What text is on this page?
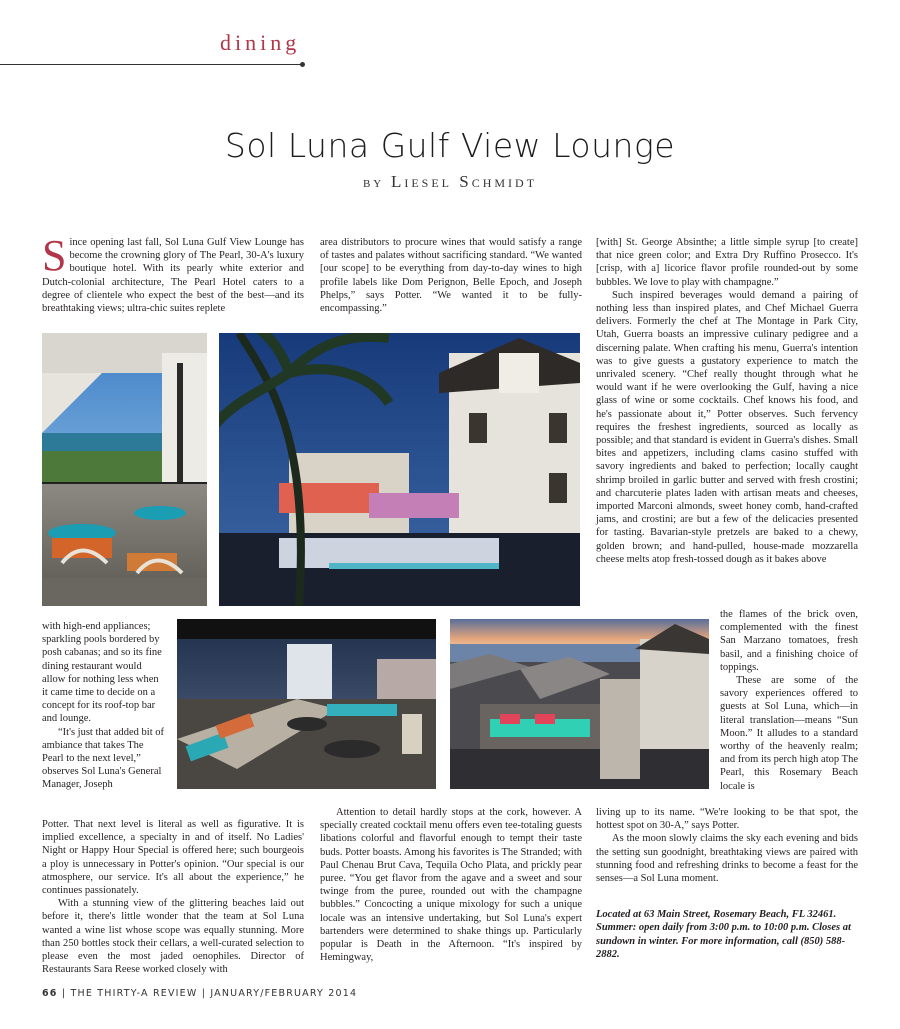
dining
Sol Luna Gulf View Lounge
by Liesel Schmidt

Since opening last fall, Sol Luna Gulf View Lounge has become the crowning glory of The Pearl, 30-A's luxury boutique hotel. With its pearly white exterior and Dutch-colonial architecture, The Pearl Hotel caters to a degree of clientele who expect the best of the best—and its breathtaking views; ultra-chic suites replete

area distributors to procure wines that would satisfy a range of tastes and palates without sacrificing standard. “We wanted [our scope] to be everything from day-to-day wines to high profile labels like Dom Perignon, Belle Epoch, and Joseph Phelps,” says Potter. “We wanted it to be fully-encompassing.”

[with] St. George Absinthe; a little simple syrup [to create] that nice green color; and Extra Dry Ruffino Prosecco. It's [crisp, with a] licorice flavor profile rounded-out by some bubbles. We love to play with champagne.”

Such inspired beverages would demand a pairing of nothing less than inspired plates, and Chef Michael Guerra delivers. Formerly the chef at The Montage in Park City, Utah, Guerra boasts an impressive culinary pedigree and a discerning palate. When crafting his menu, Guerra's intention was to give guests a gustatory experience to match the unrivaled scenery. “Chef really thought through what he would want if he were overlooking the Gulf, having a nice glass of wine or some cocktails. Chef knows his food, and he's passionate about it,” Potter observes. Such fervency requires the freshest ingredients, sourced as locally as possible; and that standard is evident in Guerra's dishes. Small bites and appetizers, including clams casino stuffed with savory ingredients and baked to perfection; locally caught shrimp broiled in garlic butter and served with fresh crostini; and charcuterie plates laden with artisan meats and cheeses, imported Marconi almonds, sweet honey comb, hand-crafted jams, and crostini; are but a few of the delicacies presented for tasting. Bavarian-style pretzels are baked to a chewy, golden brown; and hand-pulled, house-made mozzarella cheese melts atop fresh-tossed dough as it bakes above

the flames of the brick oven, complemented with the finest San Marzano tomatoes, fresh basil, and a finishing choice of toppings.

These are some of the savory experiences offered to guests at Sol Luna, which—in literal translation—means “Sun Moon.” It alludes to a standard worthy of the heavenly realm; and from its perch high atop The Pearl, this Rosemary Beach locale is

living up to its name. “We're looking to be that spot, the hottest spot on 30-A,” says Potter.

As the moon slowly claims the sky each evening and bids the setting sun goodnight, breathtaking views are paired with stunning food and refreshing drinks to become a feast for the senses—a Sol Luna moment.

with high-end appliances; sparkling pools bordered by posh cabanas; and so its fine dining restaurant would allow for nothing less when it came time to decide on a concept for its roof-top bar and lounge.

“It's just that added bit of ambiance that takes The Pearl to the next level,” observes Sol Luna's General Manager, Joseph

Potter. That next level is literal as well as figurative. It is implied excellence, a specialty in and of itself. No Ladies' Night or Happy Hour Special is offered here; such bourgeois a ploy is unnecessary in Potter's opinion. “Our special is our atmosphere, our service. It's all about the experience,” he continues passionately.

With a stunning view of the glittering beaches laid out before it, there's little wonder that the team at Sol Luna wanted a wine list whose scope was equally stunning. More than 250 bottles stock their cellars, a well-curated selection to please even the most jaded oenophiles. Director of Restaurants Sara Reese worked closely with

Attention to detail hardly stops at the cork, however. A specially created cocktail menu offers even tee-totaling guests libations colorful and flavorful enough to tempt their taste buds. Potter boasts. Among his favorites is The Stranded; with Paul Chenau Brut Cava, Tequila Ocho Plata, and prickly pear puree. “You get flavor from the agave and a sweet and sour twinge from the puree, rounded out with the champagne bubbles.” Concocting a unique mixology for such a unique locale was an intensive undertaking, but Sol Luna's expert bartenders were determined to shake things up. Particularly popular is Death in the Afternoon. “It's inspired by Hemingway,

Located at 63 Main Street, Rosemary Beach, FL 32461. Summer: open daily from 3:00 p.m. to 10:00 p.m. Closes at sundown in winter. For more information, call (850) 588-2882.
66 | THE THIRTY-A REVIEW | JANUARY/FEBRUARY 2014
